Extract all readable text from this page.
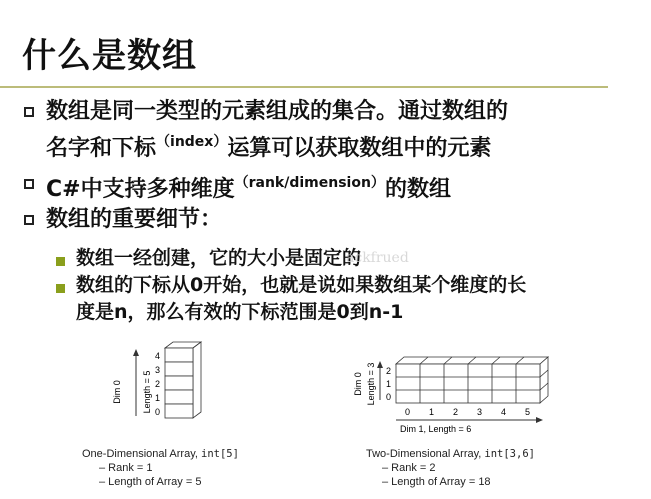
什么是数组
数组是同一类型的元素组成的集合。通过数组的
名字和下标$^{(index)}$运算可以获取数组中的元素
C#中支持多种维度$^{(rank/dimension)}$的数组
数组的重要细节：
数组一经创建，它的大小是固定的
ackfrued
数组的下标从0开始，也就是说如果数组某个维度的长
度是n，那么有效的下标范围是0到n-1
Dim 0 Length = 5
4
3
2
1
0
One-Dimensional Array, int[5]
– Rank = 1
– Length of Array = 5
Dim 0 Length = 3 2
1
0
0 1 2 3 4 5
Dim 1, Length = 6
Two-Dimensional Array, int[3,6]
– Rank = 2
– Length of Array = 18
